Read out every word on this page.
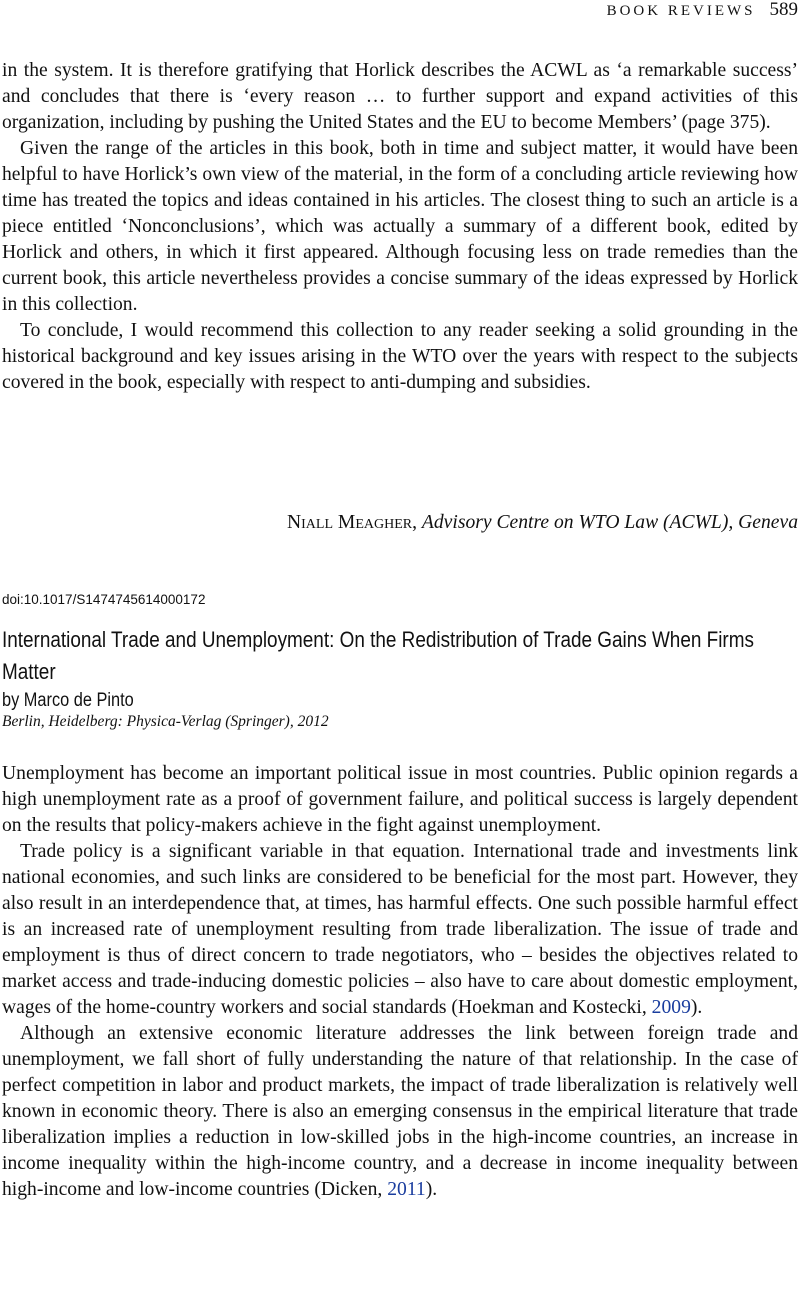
BOOK REVIEWS 589

in the system. It is therefore gratifying that Horlick describes the ACWL as ‘a remarkable success’ and concludes that there is ‘every reason … to further support and expand activities of this organization, including by pushing the United States and the EU to become Members’ (page 375).

Given the range of the articles in this book, both in time and subject matter, it would have been helpful to have Horlick’s own view of the material, in the form of a concluding article reviewing how time has treated the topics and ideas contained in his articles. The closest thing to such an article is a piece entitled ‘Nonconclusions’, which was actually a summary of a different book, edited by Horlick and others, in which it first appeared. Although focusing less on trade remedies than the current book, this article nevertheless provides a concise summary of the ideas expressed by Horlick in this collection.

To conclude, I would recommend this collection to any reader seeking a solid grounding in the historical background and key issues arising in the WTO over the years with respect to the subjects covered in the book, especially with respect to anti-dumping and subsidies.

Niall Meagher, Advisory Centre on WTO Law (ACWL), Geneva
doi:10.1017/S1474745614000172
International Trade and Unemployment: On the Redistribution of Trade Gains When Firms Matter
by Marco de Pinto
Berlin, Heidelberg: Physica-Verlag (Springer), 2012

Unemployment has become an important political issue in most countries. Public opinion regards a high unemployment rate as a proof of government failure, and political success is largely dependent on the results that policy-makers achieve in the fight against unemployment.

Trade policy is a significant variable in that equation. International trade and investments link national economies, and such links are considered to be beneficial for the most part. However, they also result in an interdependence that, at times, has harmful effects. One such possible harmful effect is an increased rate of unemployment resulting from trade liberalization. The issue of trade and employment is thus of direct concern to trade negotiators, who – besides the objectives related to market access and trade-inducing domestic policies – also have to care about domestic employment, wages of the home-country workers and social standards (Hoekman and Kostecki, 2009).

Although an extensive economic literature addresses the link between foreign trade and unemployment, we fall short of fully understanding the nature of that relationship. In the case of perfect competition in labor and product markets, the impact of trade liberalization is relatively well known in economic theory. There is also an emerging consensus in the empirical literature that trade liberalization implies a reduction in low-skilled jobs in the high-income countries, an increase in income inequality within the high-income country, and a decrease in income inequality between high-income and low-income countries (Dicken, 2011).
